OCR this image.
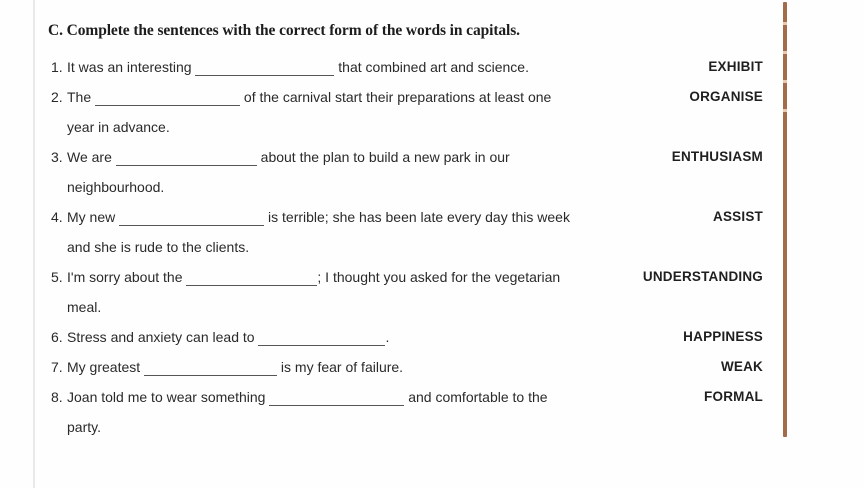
C. Complete the sentences with the correct form of the words in capitals.
1. It was an interesting	that combined art and science.	EXHIBIT
2. The	of the carnival start their preparations at least one
year in advance.
ORGANISE
3. We are	about the plan to build a new park in our
neighbourhood.
ENTHUSIASM
4. My new	is terrible; she has been late every day this week
and she is rude to the clients.
ASSIST
5. I'm sorry about the	; I thought you asked for the vegetarian
meal.
UNDERSTANDING
6. Stress and anxiety can lead to	.	HAPPINESS
7. My greatest	is my fear of failure.	WEAK
8. Joan told me to wear something	and comfortable to the
party.
FORMAL
